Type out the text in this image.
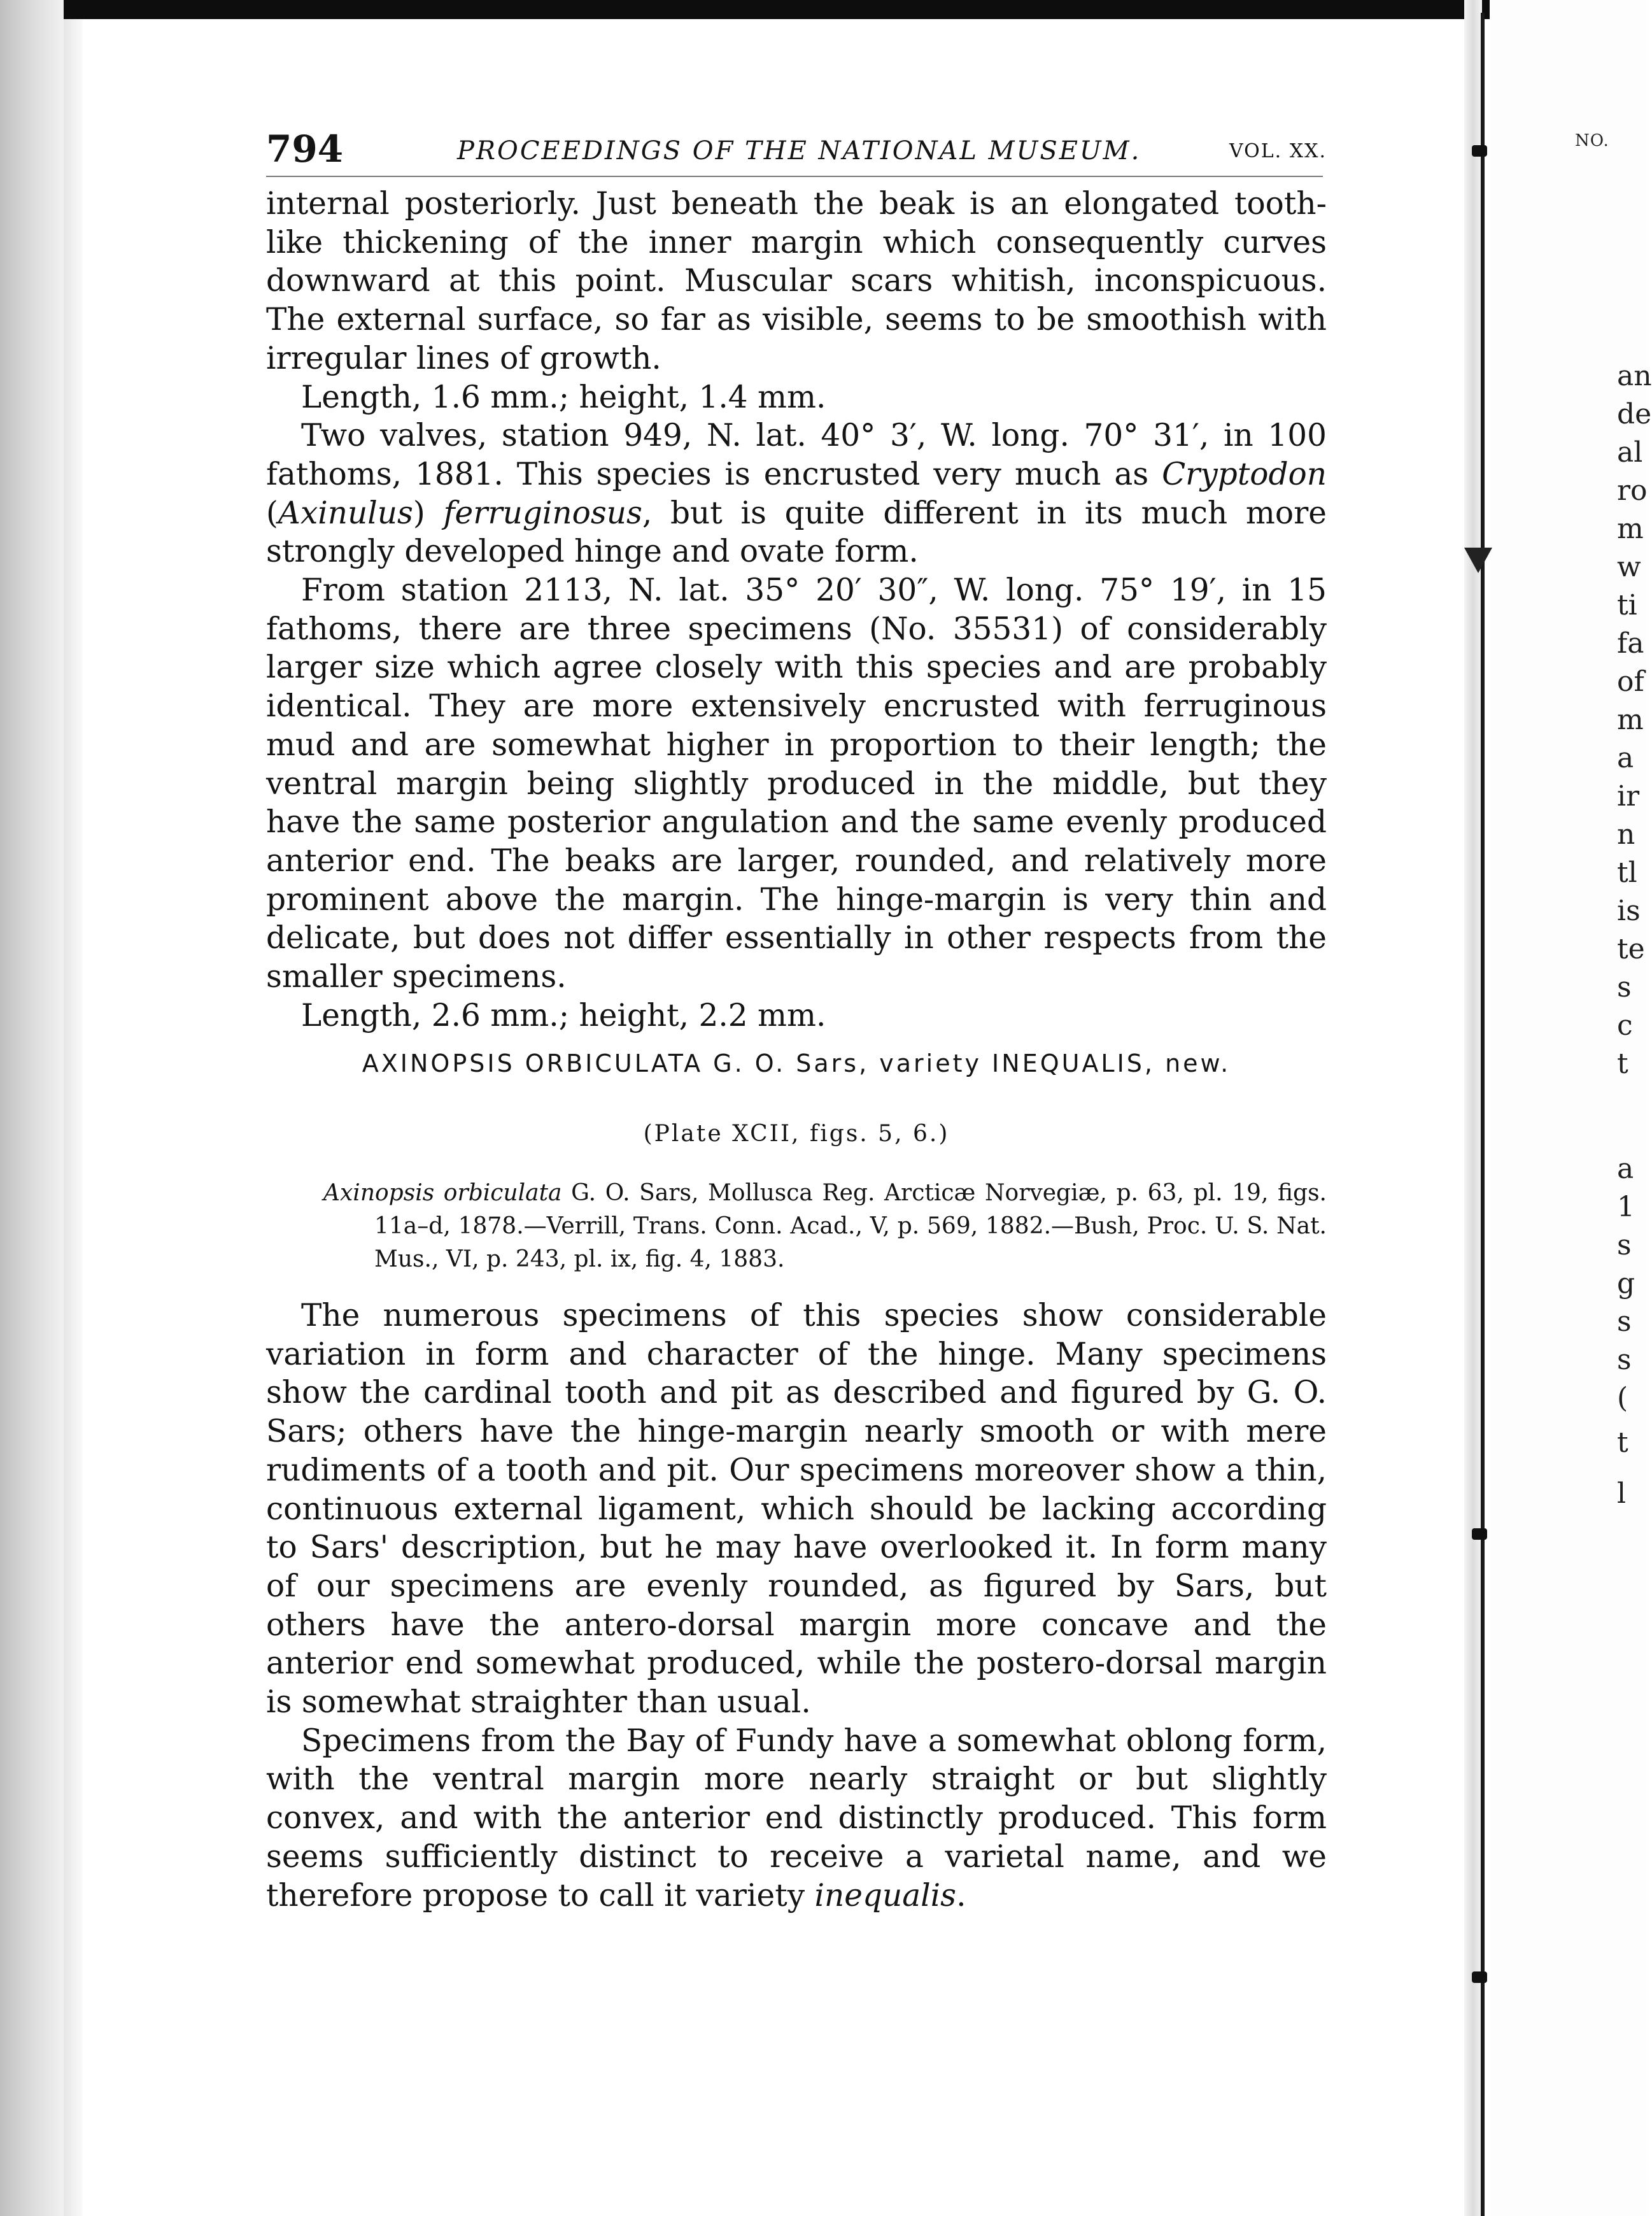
NO.
an
de
al
ro
m
w
ti
fa
of
m
a
ir
n
tl
is
te
s
c
t
a
1
s
g
s
s
(
t
l
794	PROCEEDINGS OF THE NATIONAL MUSEUM.	VOL. XX.

internal posteriorly. Just beneath the beak is an elongated tooth-like thickening of the inner margin which consequently curves downward at this point. Muscular scars whitish, inconspicuous. The external surface, so far as visible, seems to be smoothish with irregular lines of growth.

Length, 1.6 mm.; height, 1.4 mm.

Two valves, station 949, N. lat. 40° 3′, W. long. 70° 31′, in 100 fathoms, 1881. This species is encrusted very much as Cryptodon (Axinulus) ferruginosus, but is quite different in its much more strongly developed hinge and ovate form.

From station 2113, N. lat. 35° 20′ 30″, W. long. 75° 19′, in 15 fathoms, there are three specimens (No. 35531) of considerably larger size which agree closely with this species and are probably identical. They are more extensively encrusted with ferruginous mud and are somewhat higher in proportion to their length; the ventral margin being slightly produced in the middle, but they have the same posterior angulation and the same evenly produced anterior end. The beaks are larger, rounded, and relatively more prominent above the margin. The hinge-margin is very thin and delicate, but does not differ essentially in other respects from the smaller specimens.

Length, 2.6 mm.; height, 2.2 mm.

AXINOPSIS ORBICULATA G. O. Sars, variety INEQUALIS, new.
(Plate XCII, figs. 5, 6.)

Axinopsis orbiculata G. O. Sars, Mollusca Reg. Arcticæ Norvegiæ, p. 63, pl. 19, figs. 11a–d, 1878.—Verrill, Trans. Conn. Acad., V, p. 569, 1882.—Bush, Proc. U. S. Nat. Mus., VI, p. 243, pl. ix, fig. 4, 1883.

The numerous specimens of this species show considerable variation in form and character of the hinge. Many specimens show the cardinal tooth and pit as described and figured by G. O. Sars; others have the hinge-margin nearly smooth or with mere rudiments of a tooth and pit. Our specimens moreover show a thin, continuous external ligament, which should be lacking according to Sars' description, but he may have overlooked it. In form many of our specimens are evenly rounded, as figured by Sars, but others have the antero-dorsal margin more concave and the anterior end somewhat produced, while the postero-dorsal margin is somewhat straighter than usual.

Specimens from the Bay of Fundy have a somewhat oblong form, with the ventral margin more nearly straight or but slightly convex, and with the anterior end distinctly produced. This form seems sufficiently distinct to receive a varietal name, and we therefore propose to call it variety inequalis.
